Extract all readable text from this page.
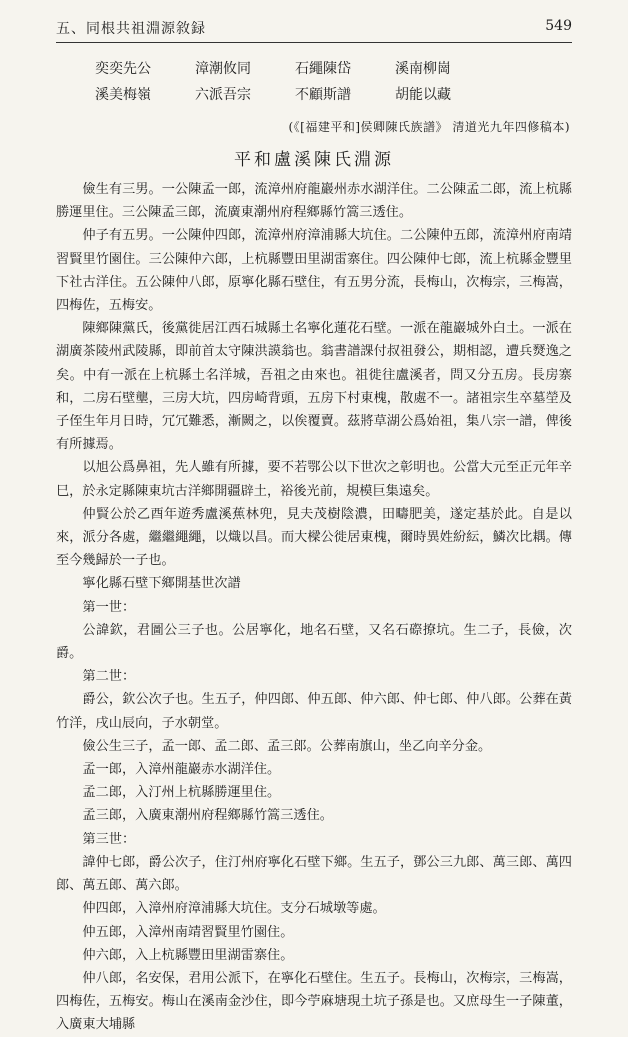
五、同根共祖淵源敘録	549
奕奕先公	漳潮攸同	石繩陳岱	溪南柳崗
溪美梅嶺	六派吾宗	不顧斯譜	胡能以藏
(《[福建平和]侯卿陳氏族譜》 清道光九年四修稿本)
平和盧溪陳氏淵源

儉生有三男。一公陳孟一郎，流漳州府龍巖州赤水湖洋住。二公陳孟二郎，流上杭縣勝運里住。三公陳孟三郎，流廣東潮州府程鄉縣竹篙三透住。

仲子有五男。一公陳仲四郎，流漳州府漳浦縣大坑住。二公陳仲五郎，流漳州府南靖習賢里竹園住。三公陳仲六郎，上杭縣豐田里湖雷寨住。四公陳仲七郎，流上杭縣金豐里下社古洋住。五公陳仲八郎，原寧化縣石壁住，有五男分流，長梅山，次梅宗，三梅嵩，四梅佐，五梅安。

陳鄉陳黨氏，後黨徙居江西石城縣土名寧化蓮花石壁。一派在龍巖城外白土。一派在湖廣茶陵州武陵縣，即前首太守陳洪謨翁也。翁書譜課付叔祖發公，期相認，遭兵燹逸之矣。中有一派在上杭縣土名洋城，吾祖之由來也。祖徙往盧溪者，問又分五房。長房寨和，二房石壁壟，三房大坑，四房崎背頭，五房下村東槐，散處不一。諸祖宗生卒墓塋及子侄生年月日時，冗冗難悉，漸闕之，以俟覆賣。茲將草湖公爲始祖，集八宗一譜，俾後有所據焉。

以旭公爲鼻祖，先人雖有所據，要不若鄂公以下世次之彰明也。公當大元至正元年辛巳，於永定縣陳東坑古洋鄉開疆辟土，裕後光前，規模巨集遠矣。

仲賢公於乙酉年遊秀盧溪蕉林兜，見夫茂樹陰濃，田疇肥美，遂定基於此。自是以來，派分各處，繼繼繩繩，以熾以昌。而大樑公徙居東槐，爾時異姓紛紜，鱗次比耦。傳至今幾歸於一子也。

寧化縣石壁下鄉開基世次譜

第一世：

公諱欽，君圖公三子也。公居寧化，地名石壁，又名石磜撩坑。生二子，長儉，次爵。

第二世：

爵公，欽公次子也。生五子，仲四郎、仲五郎、仲六郎、仲七郎、仲八郎。公葬在黃竹洋，戌山辰向，子水朝堂。

儉公生三子，孟一郎、孟二郎、孟三郎。公葬南旗山，坐乙向辛分金。

孟一郎，入漳州龍巖赤水湖洋住。

孟二郎，入汀州上杭縣勝運里住。

孟三郎，入廣東潮州府程鄉縣竹篙三透住。

第三世：

諱仲七郎，爵公次子，住汀州府寧化石壁下鄉。生五子，鄧公三九郎、萬三郎、萬四郎、萬五郎、萬六郎。

仲四郎，入漳州府漳浦縣大坑住。支分石城墩等處。

仲五郎，入漳州南靖習賢里竹園住。

仲六郎，入上杭縣豐田里湖雷寨住。

仲八郎，名安保，君用公派下，在寧化石壁住。生五子。長梅山，次梅宗，三梅嵩，四梅佐，五梅安。梅山在溪南金沙住，即今苧麻塘現土坑子孫是也。又庶母生一子陳董，入廣東大埔縣
